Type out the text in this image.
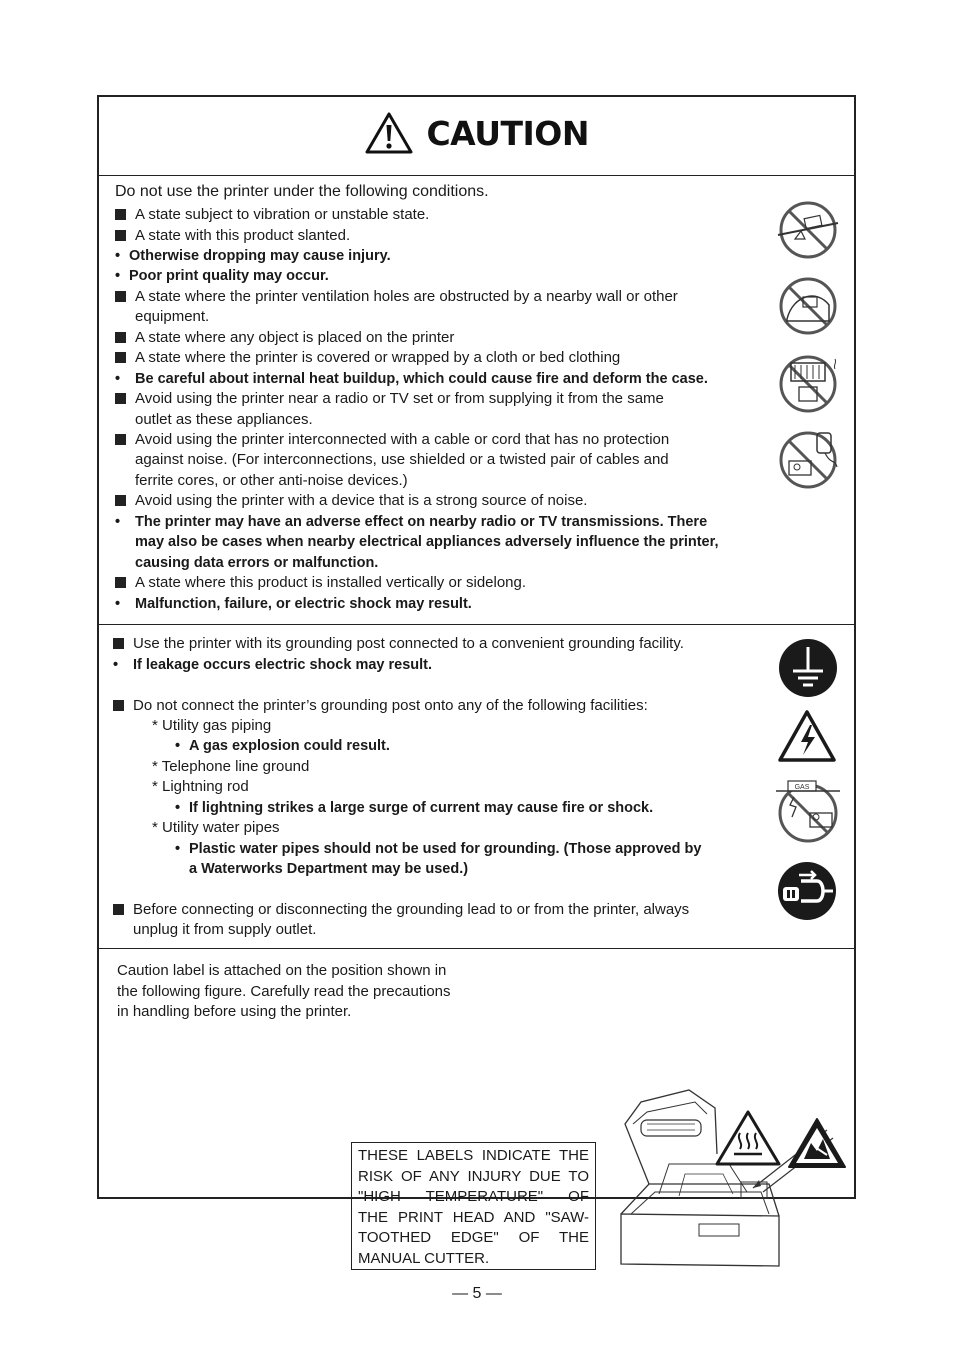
CAUTION
Do not use the printer under the following conditions.
A state subject to vibration or unstable state.
A state with this product slanted.
• Otherwise dropping may cause injury.
• Poor print quality may occur.
A state where the printer ventilation holes are obstructed by a nearby wall or other
equipment.
A state where any object is placed on the printer
A state where the printer is covered or wrapped by a cloth or bed clothing
• Be careful about internal heat buildup, which could cause fire and deform the case.
Avoid using the printer near a radio or TV set or from supplying it from the same
outlet as these appliances.
Avoid using the printer interconnected with a cable or cord that has no protection
against noise. (For interconnections, use shielded or a twisted pair of cables and
ferrite cores, or other anti-noise devices.)
Avoid using the printer with a device that is a strong source of noise.
• The printer may have an adverse effect on nearby radio or TV transmissions. There
may also be cases when nearby electrical appliances adversely influence the printer,
causing data errors or malfunction.
A state where this product is installed vertically or sidelong.
• Malfunction, failure, or electric shock may result.
Use the printer with its grounding post connected to a convenient grounding facility.
• If leakage occurs electric shock may result.
Do not connect the printer’s grounding post onto any of the following facilities:
* Utility gas piping
• A gas explosion could result.
* Telephone line ground
* Lightning rod
• If lightning strikes a large surge of current may cause fire or shock.
* Utility water pipes
• Plastic water pipes should not be used for grounding. (Those approved by
a Waterworks Department may be used.)
Before connecting or disconnecting the grounding lead to or from the printer, always
unplug it from supply outlet.
GAS
Caution label is attached on the position shown in
the following figure. Carefully read the precautions
in handling before using the printer.
THESE LABELS INDICATE THE
RISK OF ANY INJURY DUE TO
"HIGH TEMPERATURE" OF
THE PRINT HEAD AND "SAW-
TOOTHED EDGE" OF THE
MANUAL CUTTER.
— 5 —
